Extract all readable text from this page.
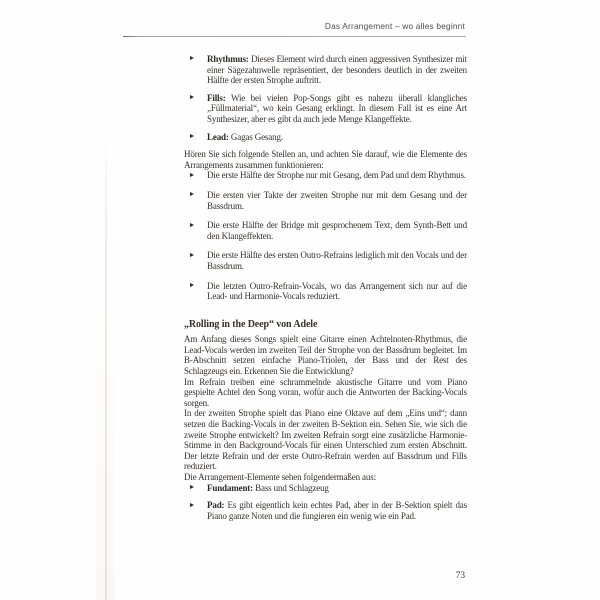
Das Arrangement – wo alles beginnt

Rhythmus: Dieses Element wird durch einen aggressiven Synthesizer mit einer Sägezahnwelle repräsentiert, der besonders deutlich in der zweiten Hälfte der ersten Strophe auftritt.

Fills: Wie bei vielen Pop-Songs gibt es nahezu überall klangliches „Füllmaterial“, wo kein Gesang erklingt. In diesem Fall ist es eine Art Synthesizer, aber es gibt da auch jede Menge Klangeffekte.

Lead: Gagas Gesang.

Hören Sie sich folgende Stellen an, und achten Sie darauf, wie die Elemente des Arrangements zusammen funktionieren:

Die erste Hälfte der Strophe nur mit Gesang, dem Pad und dem Rhythmus.

Die ersten vier Takte der zweiten Strophe nur mit dem Gesang und der Bassdrum.

Die erste Hälfte der Bridge mit gesprochenem Text, dem Synth-Bett und den Klangeffekten.

Die erste Hälfte des ersten Outro-Refrains lediglich mit den Vocals und der Bassdrum.

Die letzten Outro-Refrain-Vocals, wo das Arrangement sich nur auf die Lead- und Harmonie-Vocals reduziert.

„Rolling in the Deep“ von Adele

Am Anfang dieses Songs spielt eine Gitarre einen Achtelnoten-Rhythmus, die Lead-Vocals werden im zweiten Teil der Strophe von der Bassdrum begleitet. Im B-Abschnitt setzen einfache Piano-Triolen, der Bass und der Rest des Schlagzeugs ein. Erkennen Sie die Entwicklung?

Im Refrain treiben eine schrammelnde akustische Gitarre und vom Piano gespielte Achtel den Song voran, wofür auch die Antworten der Backing-Vocals sorgen.

In der zweiten Strophe spielt das Piano eine Oktave auf dem „Eins und“; dann setzen die Backing-Vocals in der zweiten B-Sektion ein. Sehen Sie, wie sich die zweite Strophe entwickelt? Im zweiten Refrain sorgt eine zusätzliche Harmonie-Stimme in den Background-Vocals für einen Unterschied zum ersten Abschnitt. Der letzte Refrain und der erste Outro-Refrain werden auf Bassdrum und Fills reduziert.

Die Arrangement-Elemente sehen folgendermaßen aus:

Fundament: Bass und Schlagzeug

Pad: Es gibt eigentlich kein echtes Pad, aber in der B-Sektion spielt das Piano ganze Noten und die fungieren ein wenig wie ein Pad.

73
